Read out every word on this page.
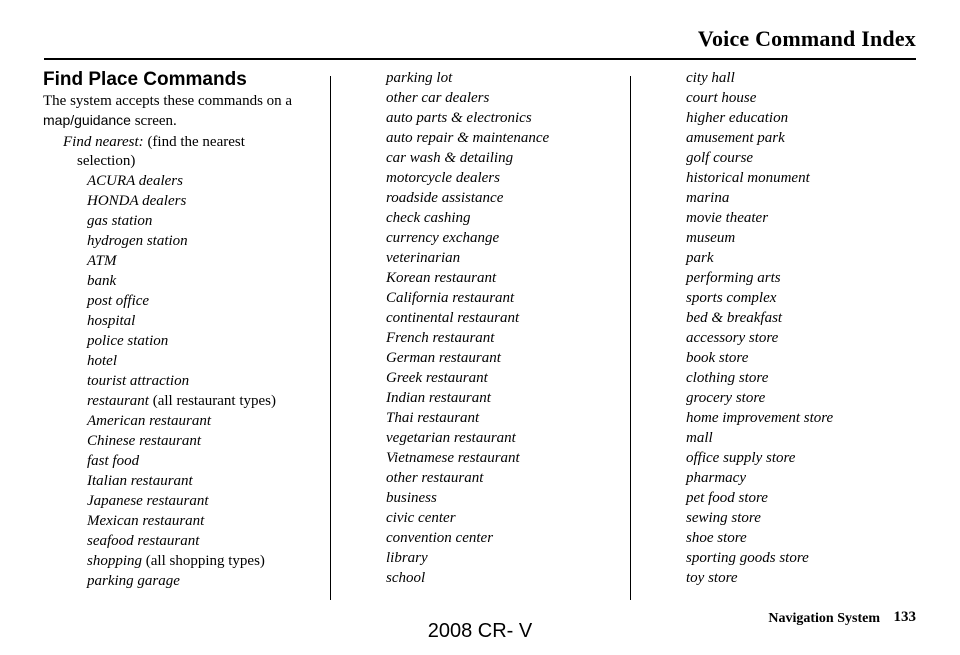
Voice Command Index
Find Place Commands

The system accepts these commands on a map/guidance screen.

Find nearest: (find the nearest
selection)

ACURA dealers
HONDA dealers
gas station
hydrogen station
ATM
bank
post office
hospital
police station
hotel
tourist attraction
restaurant (all restaurant types)
American restaurant
Chinese restaurant
fast food
Italian restaurant
Japanese restaurant
Mexican restaurant
seafood restaurant
shopping (all shopping types)
parking garage
parking lot
other car dealers
auto parts & electronics
auto repair & maintenance
car wash & detailing
motorcycle dealers
roadside assistance
check cashing
currency exchange
veterinarian
Korean restaurant
California restaurant
continental restaurant
French restaurant
German restaurant
Greek restaurant
Indian restaurant
Thai restaurant
vegetarian restaurant
Vietnamese restaurant
other restaurant
business
civic center
convention center
library
school
city hall
court house
higher education
amusement park
golf course
historical monument
marina
movie theater
museum
park
performing arts
sports complex
bed & breakfast
accessory store
book store
clothing store
grocery store
home improvement store
mall
office supply store
pharmacy
pet food store
sewing store
shoe store
sporting goods store
toy store
Navigation System 133
2008 CR- V
